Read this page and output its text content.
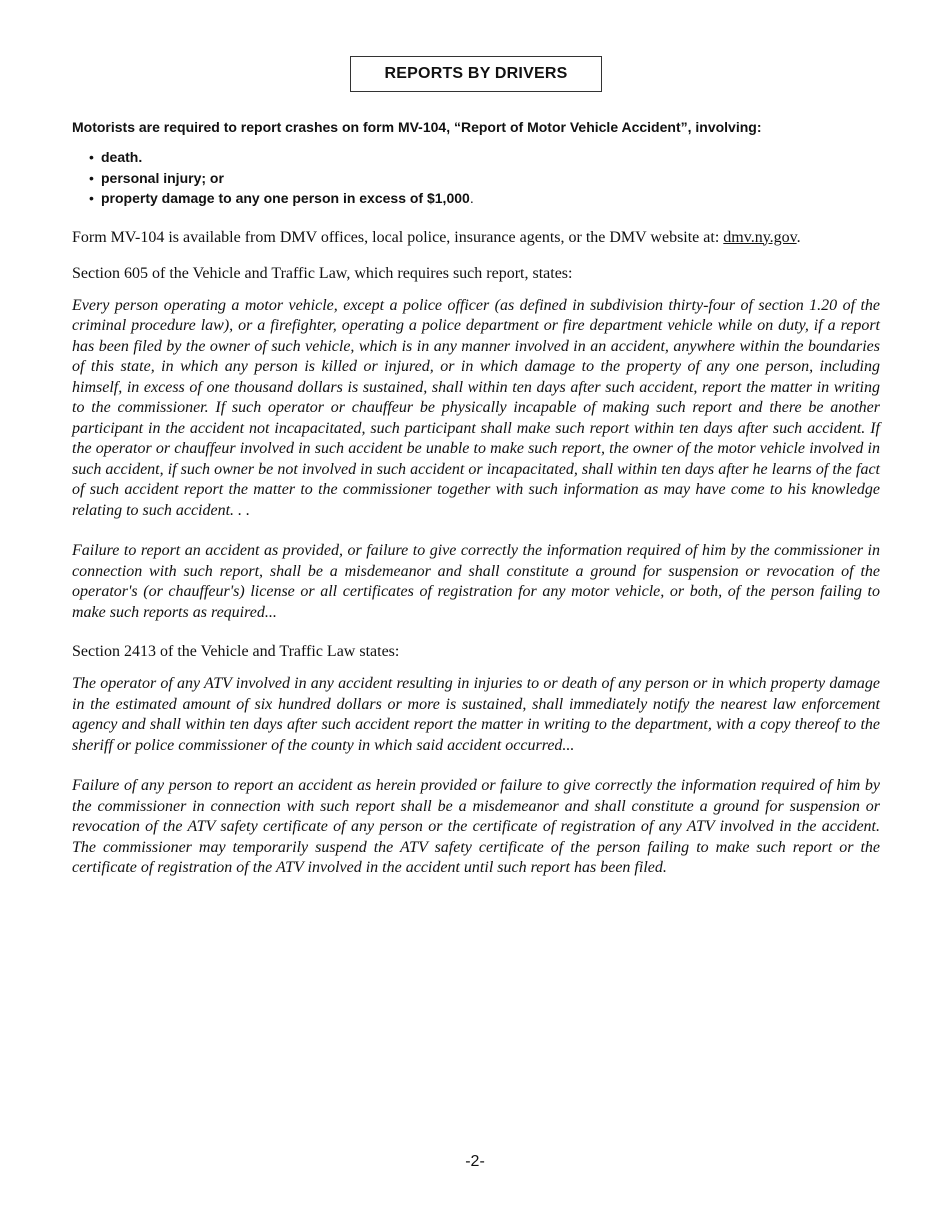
REPORTS BY DRIVERS
Motorists are required to report crashes on form MV-104, “Report of Motor Vehicle Accident”, involving:
• death.
• personal injury; or
• property damage to any one person in excess of $1,000.

Form MV-104 is available from DMV offices, local police, insurance agents, or the DMV website at: dmv.ny.gov.

Section 605 of the Vehicle and Traffic Law, which requires such report, states:

Every person operating a motor vehicle, except a police officer (as defined in subdivision thirty-four of section 1.20 of the criminal procedure law), or a firefighter, operating a police department or fire department vehicle while on duty, if a report has been filed by the owner of such vehicle, which is in any manner involved in an accident, anywhere within the boundaries of this state, in which any person is killed or injured, or in which damage to the property of any one person, including himself, in excess of one thousand dollars is sustained, shall within ten days after such accident, report the matter in writing to the commissioner. If such operator or chauffeur be physically incapable of making such report and there be another participant in the accident not incapacitated, such participant shall make such report within ten days after such accident. If the operator or chauffeur involved in such accident be unable to make such report, the owner of the motor vehicle involved in such accident, if such owner be not involved in such accident or incapacitated, shall within ten days after he learns of the fact of such accident report the matter to the commissioner together with such information as may have come to his knowledge relating to such accident. . .

Failure to report an accident as provided, or failure to give correctly the information required of him by the commissioner in connection with such report, shall be a misdemeanor and shall constitute a ground for suspension or revocation of the operator's (or chauffeur's) license or all certificates of registration for any motor vehicle, or both, of the person failing to make such reports as required...

Section 2413 of the Vehicle and Traffic Law states:

The operator of any ATV involved in any accident resulting in injuries to or death of any person or in which property damage in the estimated amount of six hundred dollars or more is sustained, shall immediately notify the nearest law enforcement agency and shall within ten days after such accident report the matter in writing to the department, with a copy thereof to the sheriff or police commissioner of the county in which said accident occurred...

Failure of any person to report an accident as herein provided or failure to give correctly the information required of him by the commissioner in connection with such report shall be a misdemeanor and shall constitute a ground for suspension or revocation of the ATV safety certificate of any person or the certificate of registration of any ATV involved in the accident. The commissioner may temporarily suspend the ATV safety certificate of the person failing to make such report or the certificate of registration of the ATV involved in the accident until such report has been filed.

-2-
